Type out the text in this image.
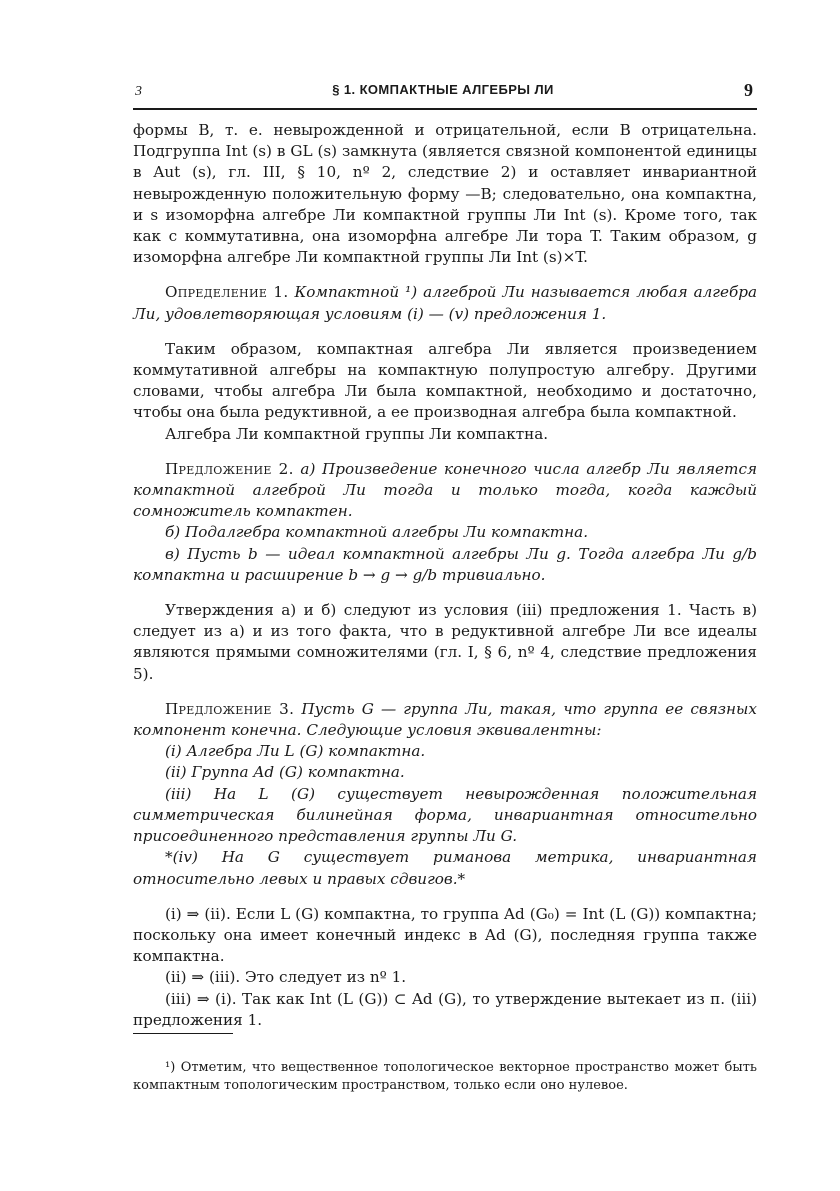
3	§ 1. КОМПАКТНЫЕ АЛГЕБРЫ ЛИ	9

формы B, т. е. невырожденной и отрицательной, если B отрицательна. Подгруппа Int (s) в GL (s) замкнута (является связной компонентой единицы в Aut (s), гл. III, § 10, nº 2, следствие 2) и оставляет инвариантной невырожденную положительную форму —B; следовательно, она компактна, и s изоморфна алгебре Ли компактной группы Ли Int (s). Кроме того, так как c коммутативна, она изоморфна алгебре Ли тора T. Таким образом, g изоморфна алгебре Ли компактной группы Ли Int (s)×T.

Определение 1. Компактной ¹) алгеброй Ли называется любая алгебра Ли, удовлетворяющая условиям (i) — (v) предложения 1.

Таким образом, компактная алгебра Ли является произведением коммутативной алгебры на компактную полупростую алгебру. Другими словами, чтобы алгебра Ли была компактной, необходимо и достаточно, чтобы она была редуктивной, а ее производная алгебра была компактной.

Алгебра Ли компактной группы Ли компактна.

Предложение 2. а) Произведение конечного числа алгебр Ли является компактной алгеброй Ли тогда и только тогда, когда каждый сомножитель компактен.

б) Подалгебра компактной алгебры Ли компактна.

в) Пусть b — идеал компактной алгебры Ли g. Тогда алгебра Ли g/b компактна и расширение b → g → g/b тривиально.

Утверждения а) и б) следуют из условия (iii) предложения 1. Часть в) следует из а) и из того факта, что в редуктивной алгебре Ли все идеалы являются прямыми сомножителями (гл. I, § 6, nº 4, следствие предложения 5).

Предложение 3. Пусть G — группа Ли, такая, что группа ее связных компонент конечна. Следующие условия эквивалентны:

(i) Алгебра Ли L (G) компактна.

(ii) Группа Ad (G) компактна.

(iii) На L (G) существует невырожденная положительная симметрическая билинейная форма, инвариантная относительно присоединенного представления группы Ли G.

*(iv) На G существует риманова метрика, инвариантная относительно левых и правых сдвигов.*

(i) ⇒ (ii). Если L (G) компактна, то группа Ad (G₀) = Int (L (G)) компактна; поскольку она имеет конечный индекс в Ad (G), последняя группа также компактна.

(ii) ⇒ (iii). Это следует из nº 1.

(iii) ⇒ (i). Так как Int (L (G)) ⊂ Ad (G), то утверждение вытекает из п. (iii) предложения 1.

¹) Отметим, что вещественное топологическое векторное пространство может быть компактным топологическим пространством, только если оно нулевое.
